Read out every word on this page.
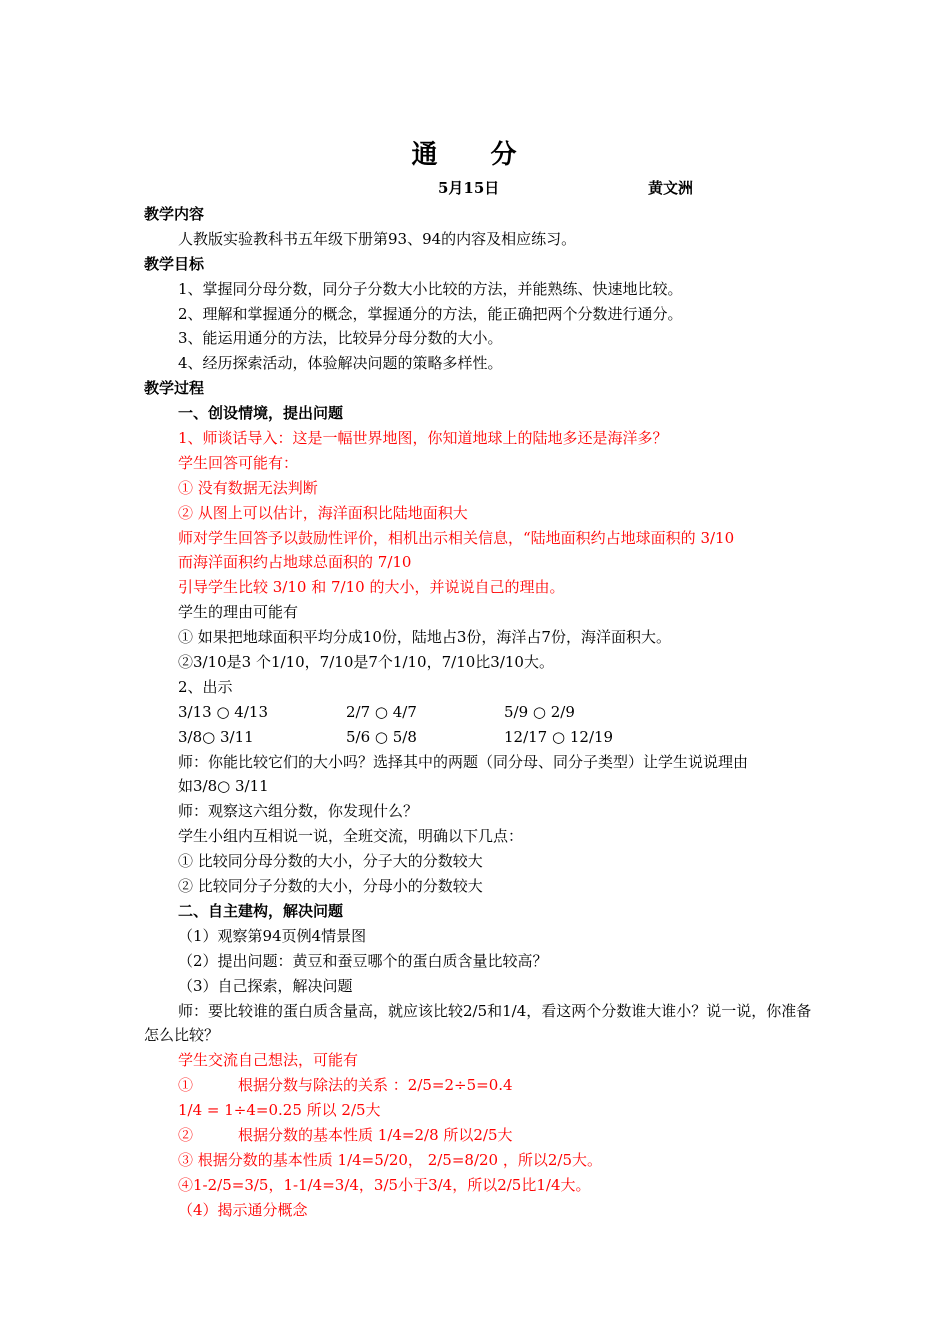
通 分
5月15日	黄文洲
教学内容
人教版实验教科书五年级下册第93、94的内容及相应练习。
教学目标
1、掌握同分母分数，同分子分数大小比较的方法，并能熟练、快速地比较。
2、理解和掌握通分的概念，掌握通分的方法，能正确把两个分数进行通分。
3、能运用通分的方法，比较异分母分数的大小。
4、经历探索活动，体验解决问题的策略多样性。
教学过程
一、创设情境，提出问题
1、师谈话导入：这是一幅世界地图，你知道地球上的陆地多还是海洋多？
学生回答可能有：
① 没有数据无法判断
② 从图上可以估计，海洋面积比陆地面积大
师对学生回答予以鼓励性评价，相机出示相关信息，“陆地面积约占地球面积的 3/10
而海洋面积约占地球总面积的 7/10
引导学生比较 3/10 和 7/10 的大小，并说说自己的理由。
学生的理由可能有
① 如果把地球面积平均分成10份，陆地占3份，海洋占7份，海洋面积大。
②3/10是3 个1/10，7/10是7个1/10，7/10比3/10大。
2、出示
3/13 ○ 4/13	2/7 ○ 4/7	5/9 ○ 2/9
3/8○ 3/11	5/6 ○ 5/8	12/17 ○ 12/19
师：你能比较它们的大小吗？选择其中的两题（同分母、同分子类型）让学生说说理由
如3/8○ 3/11
师：观察这六组分数，你发现什么？
学生小组内互相说一说，全班交流，明确以下几点：
① 比较同分母分数的大小，分子大的分数较大
② 比较同分子分数的大小，分母小的分数较大
二、自主建构，解决问题
（1）观察第94页例4情景图
（2）提出问题：黄豆和蚕豆哪个的蛋白质含量比较高？
（3）自己探索，解决问题
师：要比较谁的蛋白质含量高，就应该比较2/5和1/4，看这两个分数谁大谁小？说一说，你准备怎么比较？
学生交流自己想法，可能有
①　　　根据分数与除法的关系 ：2/5=2÷5=0.4
1/4 = 1÷4=0.25 所以 2/5大
②　　　根据分数的基本性质 1/4=2/8 所以2/5大
③ 根据分数的基本性质 1/4=5/20， 2/5=8/20 ，所以2/5大。
④1-2/5=3/5，1-1/4=3/4，3/5小于3/4，所以2/5比1/4大。
（4）揭示通分概念
